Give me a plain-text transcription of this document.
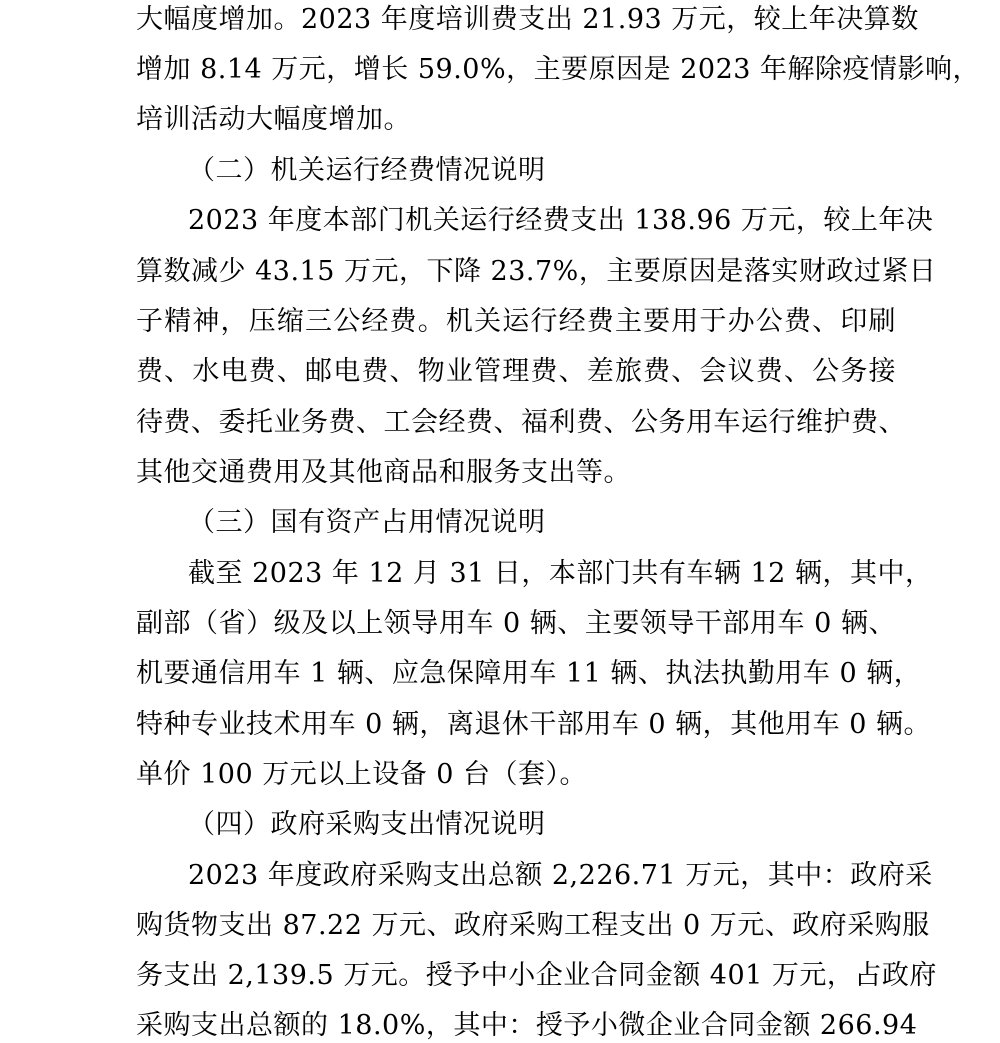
大幅度增加。2023 年度培训费支出 21.93 万元，较上年决算数
增加 8.14 万元，增长 59.0%，主要原因是 2023 年解除疫情影响，
培训活动大幅度增加。
（二）机关运行经费情况说明
2023 年度本部门机关运行经费支出 138.96 万元，较上年决
算数减少 43.15 万元，下降 23.7%，主要原因是落实财政过紧日
子精神，压缩三公经费。机关运行经费主要用于办公费、印刷
费、水电费、邮电费、物业管理费、差旅费、会议费、公务接
待费、委托业务费、工会经费、福利费、公务用车运行维护费、
其他交通费用及其他商品和服务支出等。
（三）国有资产占用情况说明
截至 2023 年 12 月 31 日，本部门共有车辆 12 辆，其中，
副部（省）级及以上领导用车 0 辆、主要领导干部用车 0 辆、
机要通信用车 1 辆、应急保障用车 11 辆、执法执勤用车 0 辆，
特种专业技术用车 0 辆，离退休干部用车 0 辆，其他用车 0 辆。
单价 100 万元以上设备 0 台（套）。
（四）政府采购支出情况说明
2023 年度政府采购支出总额 2,226.71 万元，其中：政府采
购货物支出 87.22 万元、政府采购工程支出 0 万元、政府采购服
务支出 2,139.5 万元。授予中小企业合同金额 401 万元，占政府
采购支出总额的 18.0%，其中：授予小微企业合同金额 266.94
